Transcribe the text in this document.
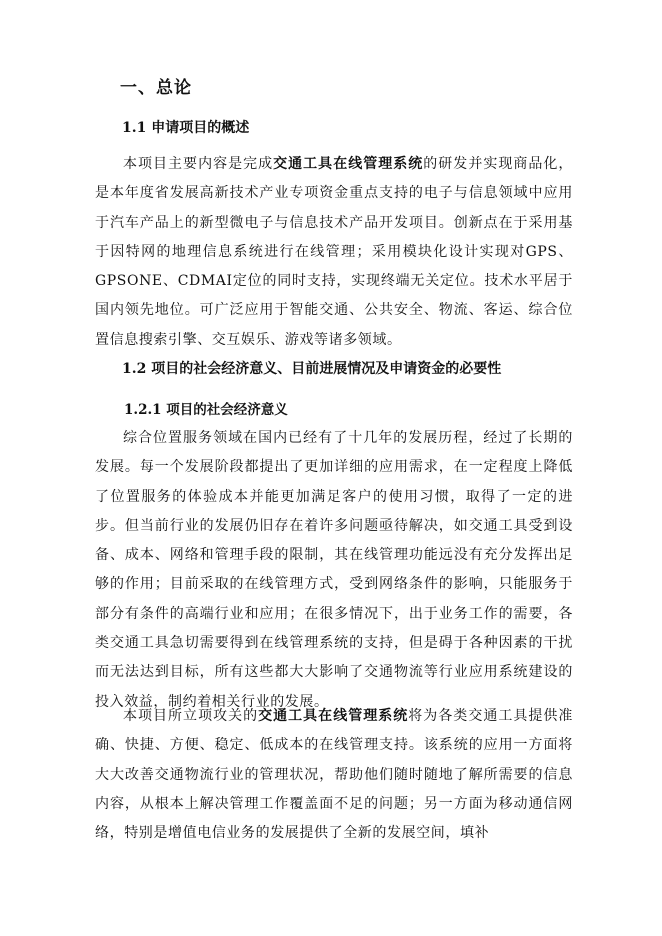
一、总论
1.1 申请项目的概述

本项目主要内容是完成交通工具在线管理系统的研发并实现商品化，是本年度省发展高新技术产业专项资金重点支持的电子与信息领域中应用于汽车产品上的新型微电子与信息技术产品开发项目。创新点在于采用基于因特网的地理信息系统进行在线管理；采用模块化设计实现对GPS、GPSONE、CDMAI定位的同时支持，实现终端无关定位。技术水平居于国内领先地位。可广泛应用于智能交通、公共安全、物流、客运、综合位置信息搜索引擎、交互娱乐、游戏等诸多领域。

1.2 项目的社会经济意义、目前进展情况及申请资金的必要性
1.2.1 项目的社会经济意义

综合位置服务领域在国内已经有了十几年的发展历程，经过了长期的发展。每一个发展阶段都提出了更加详细的应用需求，在一定程度上降低了位置服务的体验成本并能更加满足客户的使用习惯，取得了一定的进步。但当前行业的发展仍旧存在着许多问题亟待解决，如交通工具受到设备、成本、网络和管理手段的限制，其在线管理功能远没有充分发挥出足够的作用；目前采取的在线管理方式，受到网络条件的影响，只能服务于部分有条件的高端行业和应用；在很多情况下，出于业务工作的需要，各类交通工具急切需要得到在线管理系统的支持，但是碍于各种因素的干扰而无法达到目标，所有这些都大大影响了交通物流等行业应用系统建设的投入效益，制约着相关行业的发展。

本项目所立项攻关的交通工具在线管理系统将为各类交通工具提供准确、快捷、方便、稳定、低成本的在线管理支持。该系统的应用一方面将大大改善交通物流行业的管理状况，帮助他们随时随地了解所需要的信息内容，从根本上解决管理工作覆盖面不足的问题；另一方面为移动通信网络，特别是增值电信业务的发展提供了全新的发展空间，填补
